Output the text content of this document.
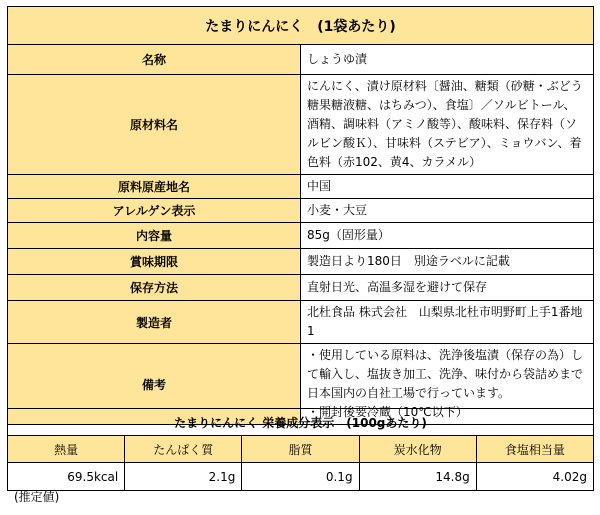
たまりにんにく　(1袋あたり)	
名称	しょうゆ漬
原材料名	にんにく、漬け原材料〔醤油、糖類（砂糖・ぶどう糖果糖液糖、はちみつ）、食塩〕／ソルビトール、酒精、調味料（アミノ酸等）、酸味料、保存料（ソルビン酸Ｋ）、甘味料（ステビア）、ミョウバン、着色料（赤102、黄4、カラメル）
原料原産地名	中国
アレルゲン表示	小麦・大豆
内容量	85g（固形量）
賞味期限	製造日より180日　別途ラベルに記載
保存方法	直射日光、高温多湿を避けて保存
製造者	北杜食品 株式会社　山梨県北杜市明野町上手1番地1
備考	・使用している原料は、洗浄後塩漬（保存の為）して輸入し、塩抜き加工、洗浄、味付から袋詰めまで日本国内の自社工場で行っています。
・開封後要冷蔵（10℃以下）
たまりにんにく 栄養成分表示　(100gあたり)				
熱量	たんぱく質	脂質	炭水化物	食塩相当量
69.5kcal	2.1g	0.1g	14.8g	4.02g
(推定値)
